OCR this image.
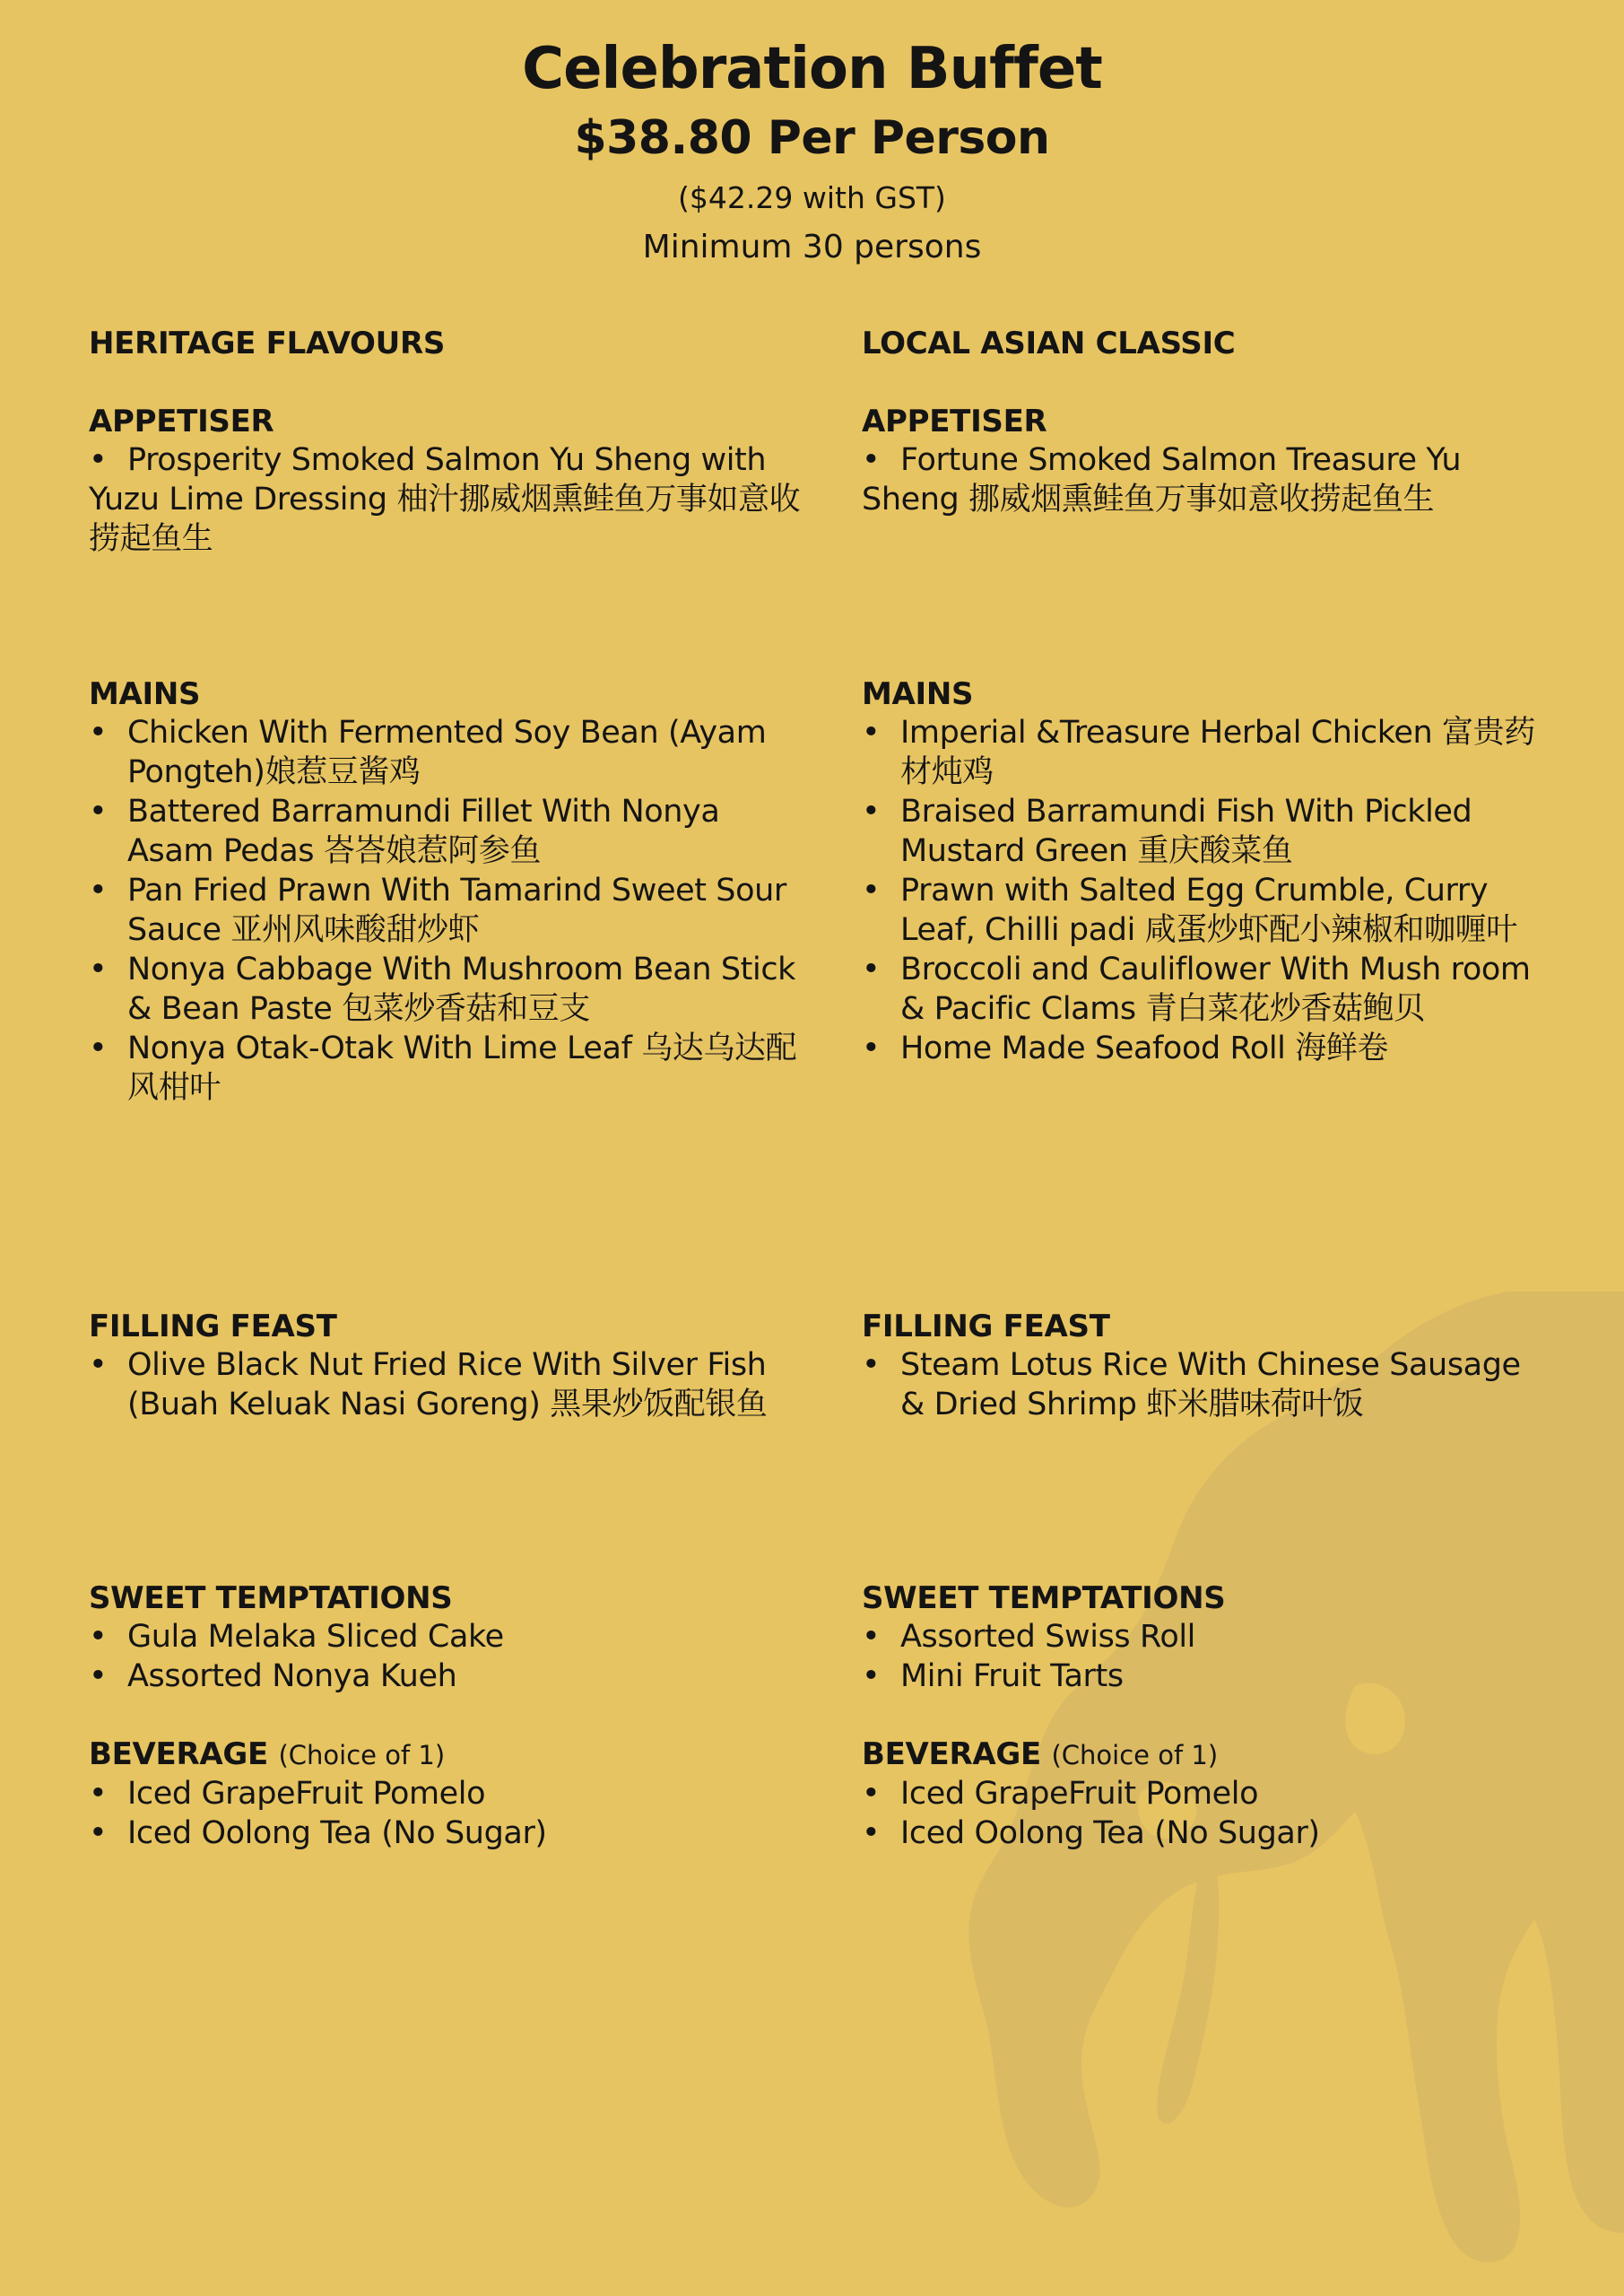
Celebration Buffet
$38.80 Per Person
($42.29 with GST)
Minimum 30 persons
HERITAGE FLAVOURS
APPETISER
• Prosperity Smoked Salmon Yu Sheng with Yuzu Lime Dressing 柚汁挪威烟熏鲑鱼万事如意收捞起鱼生
MAINS
• Chicken With Fermented Soy Bean (Ayam Pongteh)娘惹豆酱鸡
• Battered Barramundi Fillet With Nonya Asam Pedas 峇峇娘惹阿参鱼
• Pan Fried Prawn With Tamarind Sweet Sour Sauce 亚州风味酸甜炒虾
• Nonya Cabbage With Mushroom Bean Stick & Bean Paste 包菜炒香菇和豆支
• Nonya Otak-Otak With Lime Leaf 乌达乌达配风柑叶
FILLING FEAST
• Olive Black Nut Fried Rice With Silver Fish (Buah Keluak Nasi Goreng) 黑果炒饭配银鱼
SWEET TEMPTATIONS
• Gula Melaka Sliced Cake
• Assorted Nonya Kueh
BEVERAGE (Choice of 1)
• Iced GrapeFruit Pomelo
• Iced Oolong Tea (No Sugar)
LOCAL ASIAN CLASSIC
APPETISER
• Fortune Smoked Salmon Treasure Yu Sheng 挪威烟熏鲑鱼万事如意收捞起鱼生
MAINS
• Imperial &Treasure Herbal Chicken 富贵药材炖鸡
• Braised Barramundi Fish With Pickled Mustard Green 重庆酸菜鱼
• Prawn with Salted Egg Crumble, Curry Leaf, Chilli padi 咸蛋炒虾配小辣椒和咖喱叶
• Broccoli and Cauliflower With Mush room & Pacific Clams 青白菜花炒香菇鲍贝
• Home Made Seafood Roll 海鲜卷
FILLING FEAST
• Steam Lotus Rice With Chinese Sausage & Dried Shrimp 虾米腊味荷叶饭
SWEET TEMPTATIONS
• Assorted Swiss Roll
• Mini Fruit Tarts
BEVERAGE (Choice of 1)
• Iced GrapeFruit Pomelo
• Iced Oolong Tea (No Sugar)
